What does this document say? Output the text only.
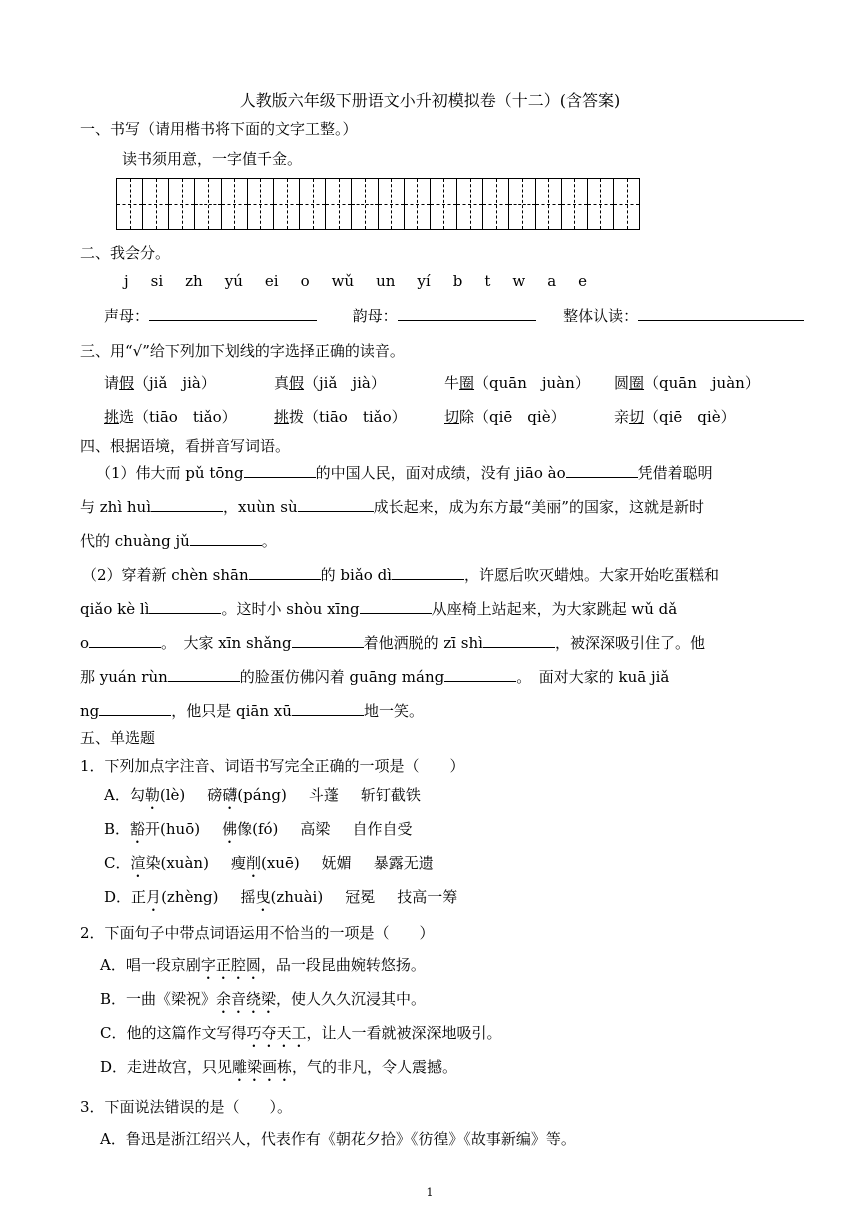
人教版六年级下册语文小升初模拟卷（十二）(含答案)
一、书写（请用楷书将下面的文字工整。）
读书须用意，一字值千金。
二、我会分。
j si zh yú ei o wǔ un yí b t w a e
声母：	韵母：	整体认读：
三、用“√”给下列加下划线的字选择正确的读音。
请假（jiǎ　jià）	真假（jiǎ　jià）	牛圈（quān　juàn） 圆圈（quān　juàn）
挑选（tiāo　tiǎo） 挑拨（tiāo　tiǎo） 切除（qiē　qiè）	亲切（qiē　qiè）
四、根据语境，看拼音写词语。
（1）伟大而 pǔ tōng	的中国人民，面对成绩，没有 jiāo ào	凭借着聪明
与 zhì huì	，xuùn sù	成长起来，成为东方最“美丽”的国家，这就是新时
代的 chuàng jǔ	。
（2）穿着新 chèn shān	的 biǎo dì	，许愿后吹灭蜡烛。大家开始吃蛋糕和
qiǎo kè lì	。这时小 shòu xīng	从座椅上站起来，为大家跳起 wǔ dǎ
o	。　大家 xīn shǎng	着他洒脱的 zī shì	，被深深吸引住了。他
那 yuán rùn	的脸蛋仿佛闪着 guāng máng	。　面对大家的 kuā jiǎ
ng	，他只是 qiān xū	地一笑。
五、单选题
1．下列加点字注音、词语书写完全正确的一项是（　　）
A．勾勒(lè) 磅礴(páng) 斗蓬 斩钉截铁
B．豁开(huō) 佛像(fó) 高梁 自作自受
C．渲染(xuàn) 瘦削(xuē) 妩媚 暴露无遗
D．正月(zhèng) 摇曳(zhuài) 冠冕 技高一筹
2．下面句子中带点词语运用不恰当的一项是（　　）
A．唱一段京剧字正腔圆，品一段昆曲婉转悠扬。
B．一曲《梁祝》余音绕梁，使人久久沉浸其中。
C．他的这篇作文写得巧夺天工，让人一看就被深深地吸引。
D．走进故宫，只见雕梁画栋，气的非凡，令人震撼。
3．下面说法错误的是（　　）。
A．鲁迅是浙江绍兴人，代表作有《朝花夕拾》《彷徨》《故事新编》等。
1
